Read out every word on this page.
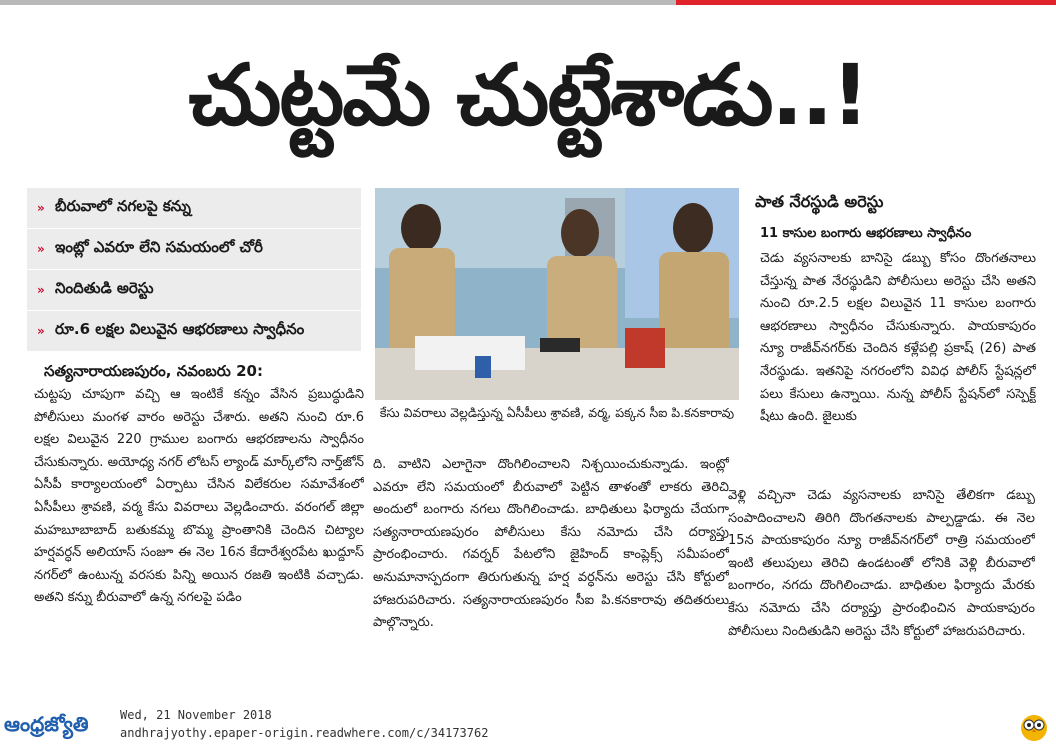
చుట్టమే చుట్టేశాడు..!
» బీరువాలో నగలపై కన్ను
» ఇంట్లో ఎవరూ లేని సమయంలో చోరీ
» నిందితుడి అరెస్టు
» రూ.6 లక్షల విలువైన ఆభరణాలు స్వాధీనం
సత్యనారాయణపురం, నవంబరు 20:
చుట్టపు చూపుగా వచ్చి ఆ ఇంటికే కన్నం వేసిన ప్రబుద్ధుడిని పోలీసులు మంగళ వారం అరెస్టు చేశారు. అతని నుంచి రూ.6 లక్షల విలువైన 220 గ్రాముల బంగారు ఆభరణాలను స్వాధీనం చేసుకున్నారు. అయోధ్య నగర్ లోటస్ ల్యాండ్ మార్క్‌లోని నార్త్‌జోన్ ఏసీపీ కార్యాలయంలో ఏర్పాటు చేసిన విలేకరుల సమావేశంలో ఏసీపీలు శ్రావణి, వర్మ కేసు వివరాలు వెల్లడించారు. వరంగల్ జిల్లా మహబూబాబాద్ బతుకమ్మ బొమ్మ ప్రాంతానికి చెందిన చిట్యాల హర్షవర్ధన్ అలియాస్ సంజూ ఈ నెల 16న కేదారేశ్వరపేట ఖుద్దూస్ నగర్‌లో ఉంటున్న వరసకు పిన్ని అయిన రజతి ఇంటికి వచ్చాడు. అతని కన్ను బీరువాలో ఉన్న నగలపై పడిం
కేసు వివరాలు వెల్లడిస్తున్న ఏసీపీలు శ్రావణి, వర్మ, పక్కన సీఐ పి.కనకారావు
ది. వాటిని ఎలాగైనా దొంగిలించాలని నిశ్చయించుకున్నాడు. ఇంట్లో ఎవరూ లేని సమయంలో బీరువాలో పెట్టిన తాళంతో లాకరు తెరిచి అందులో బంగారు నగలు దొంగిలించాడు. బాధితులు ఫిర్యాదు చేయగా సత్యనారాయణపురం పోలీసులు కేసు నమోదు చేసి దర్యాప్తు ప్రారంభించారు. గవర్నర్ పేటలోని జైహింద్ కాంప్లెక్స్ సమీపంలో అనుమానాస్పదంగా తిరుగుతున్న హర్ష వర్ధన్‌ను అరెస్టు చేసి కోర్టులో హాజరుపరిచారు. సత్యనారాయణపురం సీఐ పి.కనకారావు తదితరులు పాల్గొన్నారు.
పాత నేరస్థుడి అరెస్టు
11 కాసుల బంగారు ఆభరణాలు స్వాధీనం
చెడు వ్యసనాలకు బానిసై డబ్బు కోసం దొంగతనాలు చేస్తున్న పాత నేరస్థుడిని పోలీసులు అరెస్టు చేసి అతని నుంచి రూ.2.5 లక్షల విలువైన 11 కాసుల బంగారు ఆభరణాలు స్వాధీనం చేసుకున్నారు. పాయకాపురం న్యూ రాజీవ్‌నగర్‌కు చెందిన కళ్లేపల్లి ప్రకాష్ (26) పాత నేరస్థుడు. ఇతనిపై నగరంలోని వివిధ పోలీస్ స్టేషన్లలో పలు కేసులు ఉన్నాయి. నున్న పోలీస్ స్టేషన్‌లో సస్పెక్ట్ షీటు ఉంది. జైలుకు
వెళ్లి వచ్చినా చెడు వ్యసనాలకు బానిసై తేలికగా డబ్బు సంపాదించాలని తిరిగి దొంగతనాలకు పాల్పడ్డాడు. ఈ నెల 15న పాయకాపురం న్యూ రాజీవ్‌నగర్‌లో రాత్రి సమయంలో ఇంటి తలుపులు తెరిచి ఉండటంతో లోనికి వెళ్లి బీరువాలో బంగారం, నగదు దొంగిలించాడు. బాధితుల ఫిర్యాదు మేరకు కేసు నమోదు చేసి దర్యాప్తు ప్రారంభించిన పాయకాపురం పోలీసులు నిందితుడిని అరెస్టు చేసి కోర్టులో హాజరుపరిచారు.
ఆంధ్రజ్యోతి	Wed, 21 November 2018
andhrajyothy.epaper-origin.readwhere.com/c/34173762
